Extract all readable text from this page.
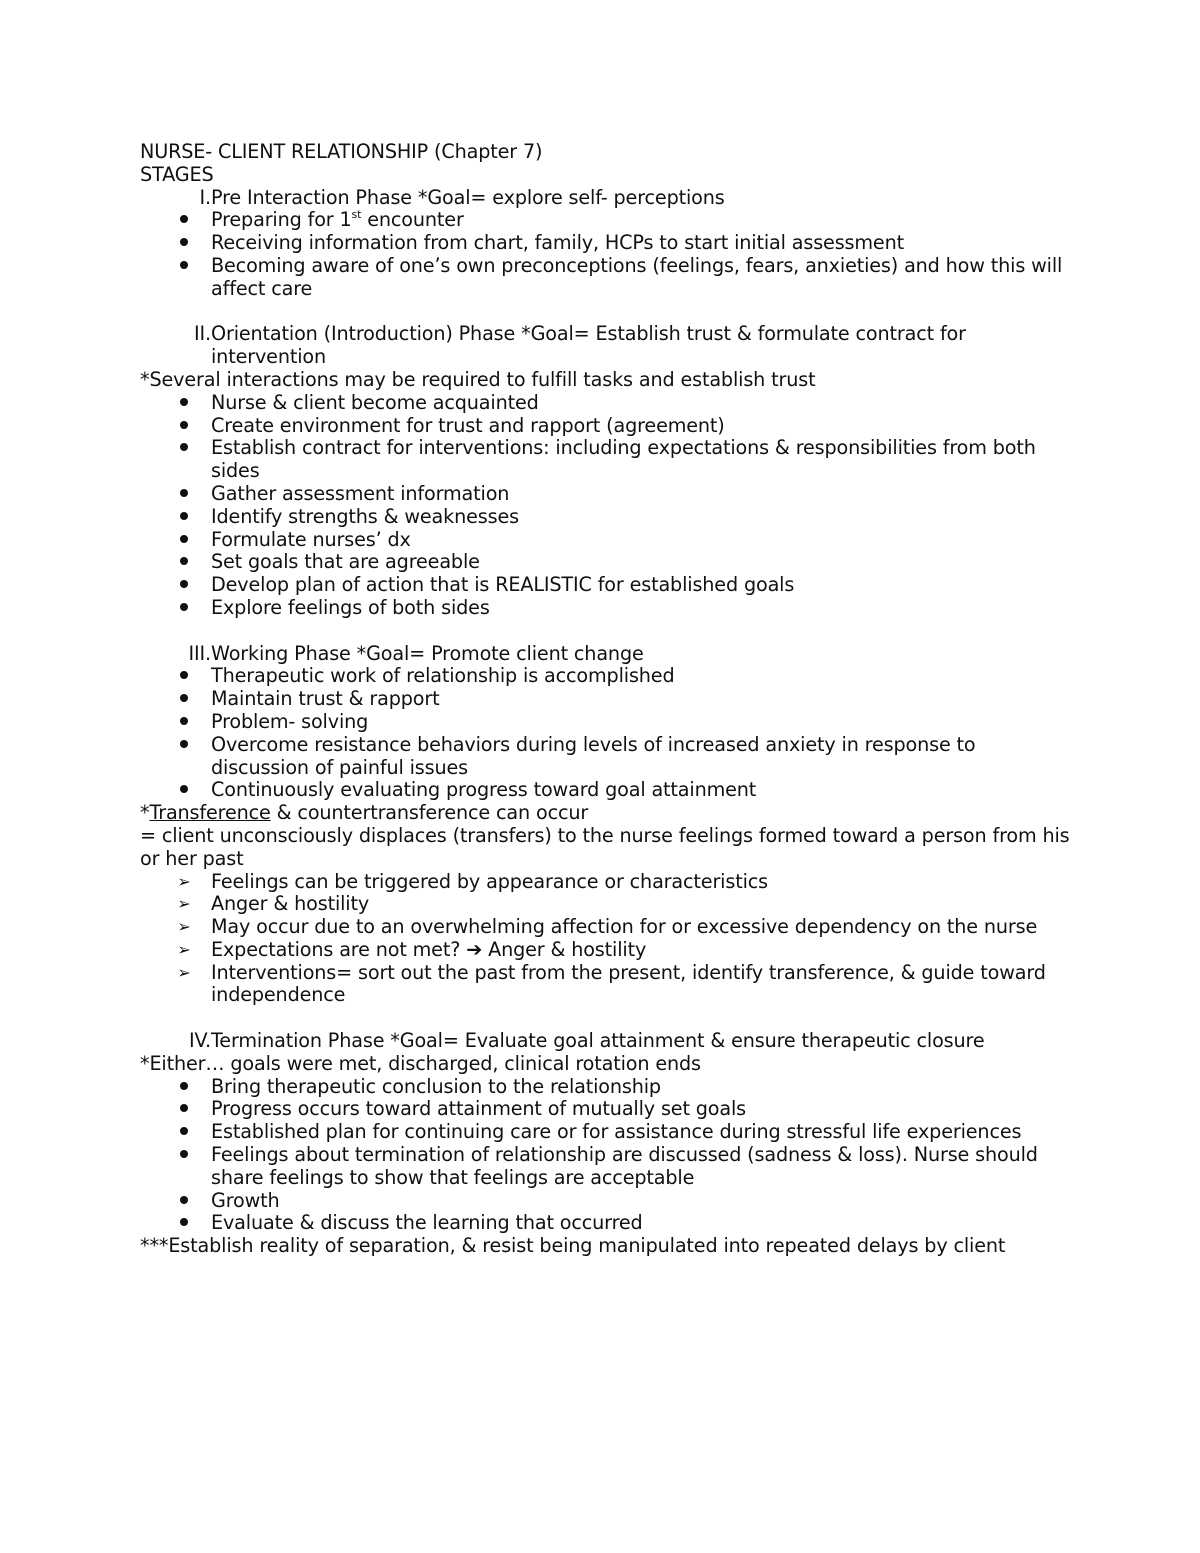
NURSE- CLIENT RELATIONSHIP (Chapter 7)
STAGES
I. Pre Interaction Phase *Goal= explore self- perceptions
Preparing for 1st encounter
Receiving information from chart, family, HCPs to start initial assessment
Becoming aware of one’s own preconceptions (feelings, fears, anxieties) and how this will affect care
II. Orientation (Introduction) Phase *Goal= Establish trust & formulate contract for
intervention
*Several interactions may be required to fulfill tasks and establish trust
Nurse & client become acquainted
Create environment for trust and rapport (agreement)
Establish contract for interventions: including expectations & responsibilities from both sides
Gather assessment information
Identify strengths & weaknesses
Formulate nurses’ dx
Set goals that are agreeable
Develop plan of action that is REALISTIC for established goals
Explore feelings of both sides
III. Working Phase *Goal= Promote client change
Therapeutic work of relationship is accomplished
Maintain trust & rapport
Problem- solving
Overcome resistance behaviors during levels of increased anxiety in response to discussion of painful issues
Continuously evaluating progress toward goal attainment
*Transference & countertransference can occur
= client unconsciously displaces (transfers) to the nurse feelings formed toward a person from his or her past
➢ Feelings can be triggered by appearance or characteristics
➢ Anger & hostility
➢ May occur due to an overwhelming affection for or excessive dependency on the nurse
➢ Expectations are not met? ➔ Anger & hostility
➢ Interventions= sort out the past from the present, identify transference, & guide toward independence
IV. Termination Phase *Goal= Evaluate goal attainment & ensure therapeutic closure
*Either… goals were met, discharged, clinical rotation ends
Bring therapeutic conclusion to the relationship
Progress occurs toward attainment of mutually set goals
Established plan for continuing care or for assistance during stressful life experiences
Feelings about termination of relationship are discussed (sadness & loss). Nurse should share feelings to show that feelings are acceptable
Growth
Evaluate & discuss the learning that occurred
***Establish reality of separation, & resist being manipulated into repeated delays by client
